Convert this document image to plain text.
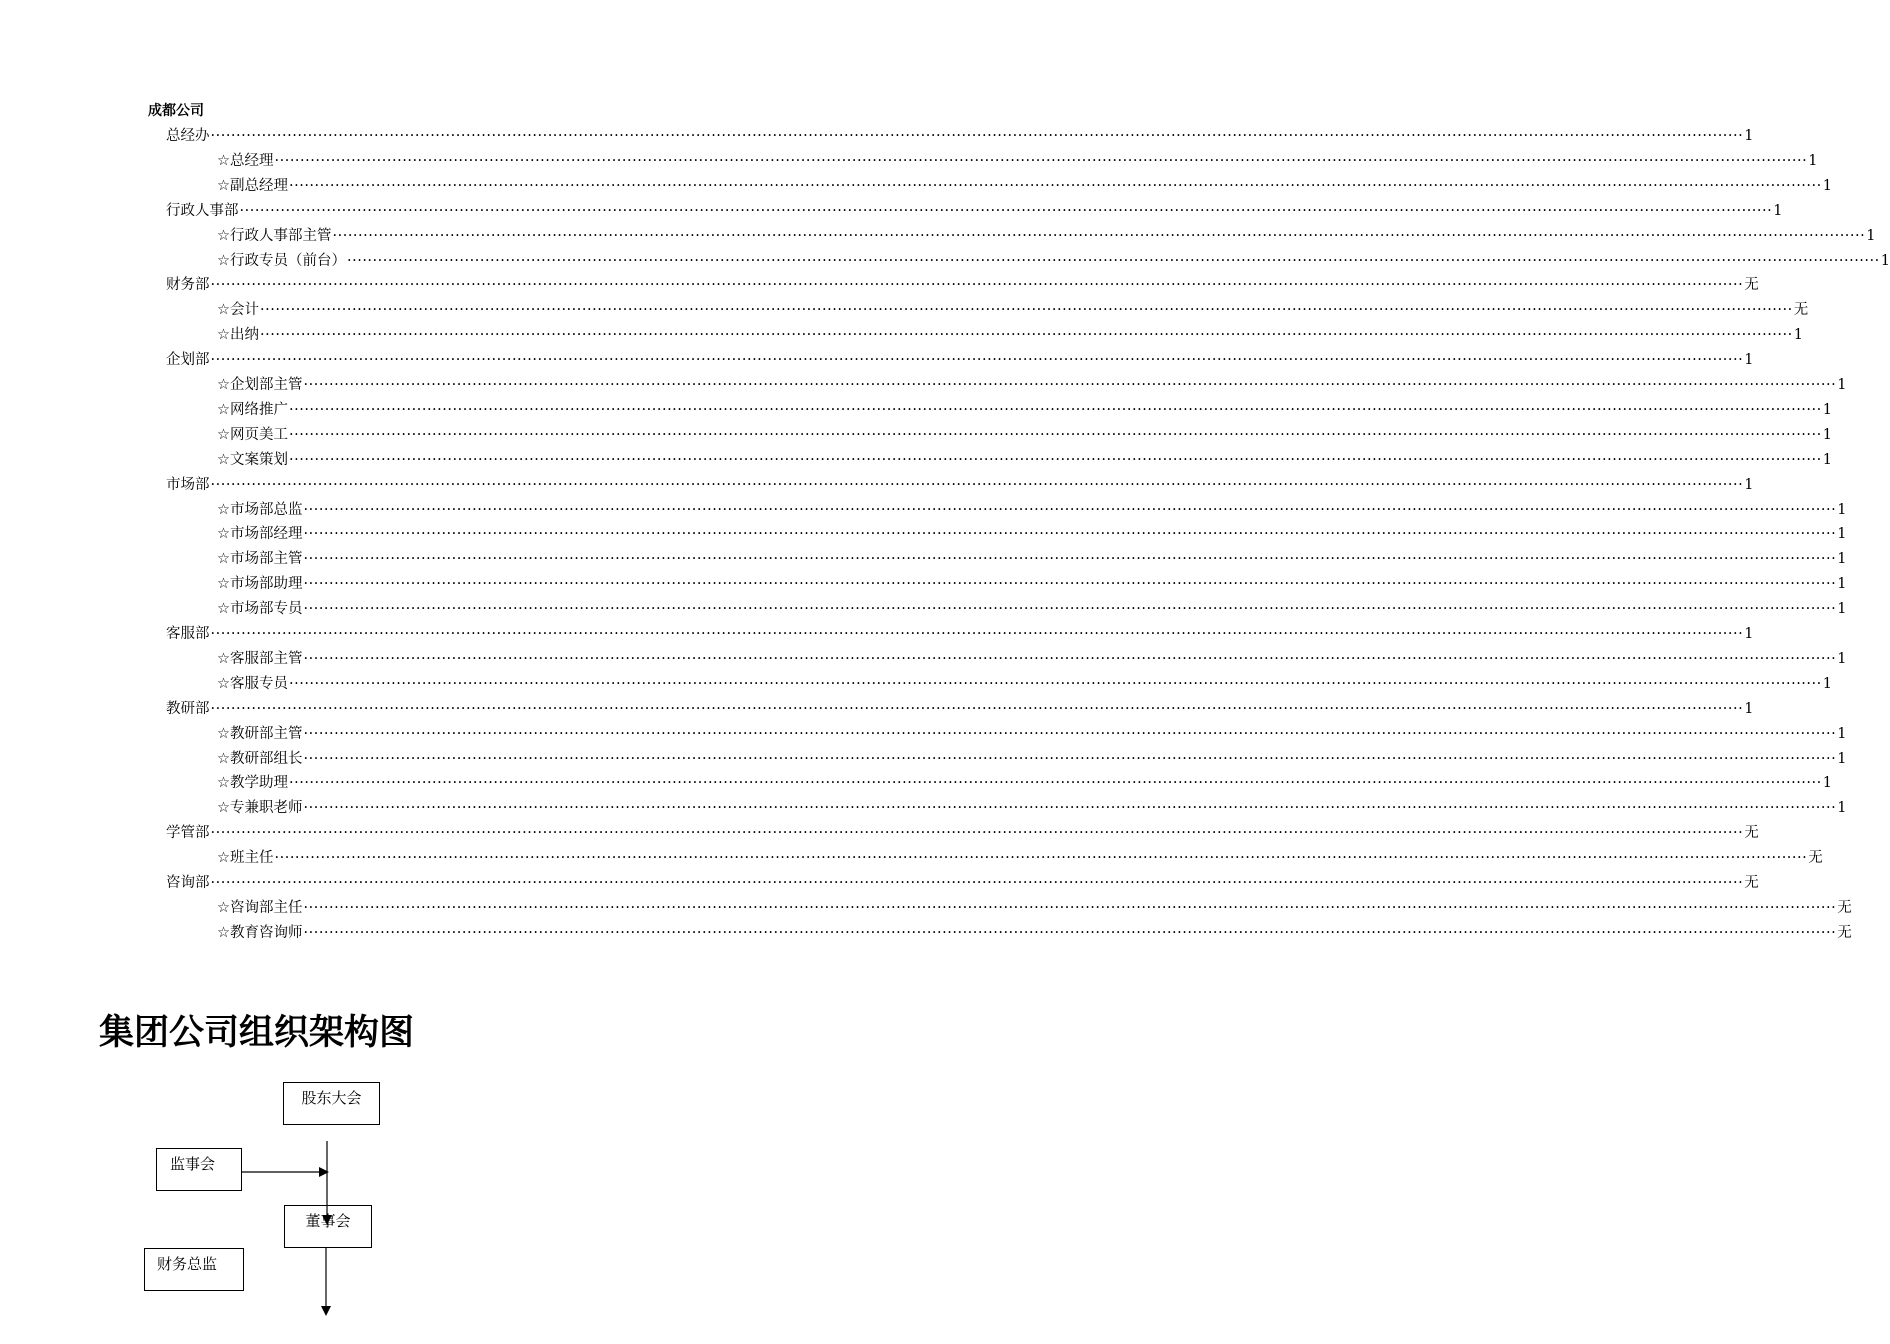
成都公司
总经办 ············································································································································································································································································································ 1
☆ 总经理 ············································································································································································································································································································ 1
☆ 副总经理 ············································································································································································································································································································ 1
行政人事部 ············································································································································································································································································································ 1
☆ 行政人事部主管 ············································································································································································································································································································ 1
☆ 行政专员（前台） ············································································································································································································································································································ 1
财务部 ············································································································································································································································································································ 无
☆ 会计 ············································································································································································································································································································ 无
☆ 出纳 ············································································································································································································································································································ 1
企划部 ············································································································································································································································································································ 1
☆ 企划部主管 ············································································································································································································································································································ 1
☆ 网络推广 ············································································································································································································································································································ 1
☆ 网页美工 ············································································································································································································································································································ 1
☆ 文案策划 ············································································································································································································································································································ 1
市场部 ············································································································································································································································································································ 1
☆ 市场部总监 ············································································································································································································································································································ 1
☆ 市场部经理 ············································································································································································································································································································ 1
☆ 市场部主管 ············································································································································································································································································································ 1
☆ 市场部助理 ············································································································································································································································································································ 1
☆ 市场部专员 ············································································································································································································································································································ 1
客服部 ············································································································································································································································································································ 1
☆ 客服部主管 ············································································································································································································································································································ 1
☆ 客服专员 ············································································································································································································································································································ 1
教研部 ············································································································································································································································································································ 1
☆ 教研部主管 ············································································································································································································································································································ 1
☆ 教研部组长 ············································································································································································································································································································ 1
☆ 教学助理 ············································································································································································································································································································ 1
☆ 专兼职老师 ············································································································································································································································································································ 1
学管部 ············································································································································································································································································································ 无
☆ 班主任 ············································································································································································································································································································ 无
咨询部 ············································································································································································································································································································ 无
☆ 咨询部主任 ············································································································································································································································································································ 无
☆ 教育咨询师 ············································································································································································································································································································ 无
集团公司组织架构图
股东大会
监事会
董事会
财务总监
